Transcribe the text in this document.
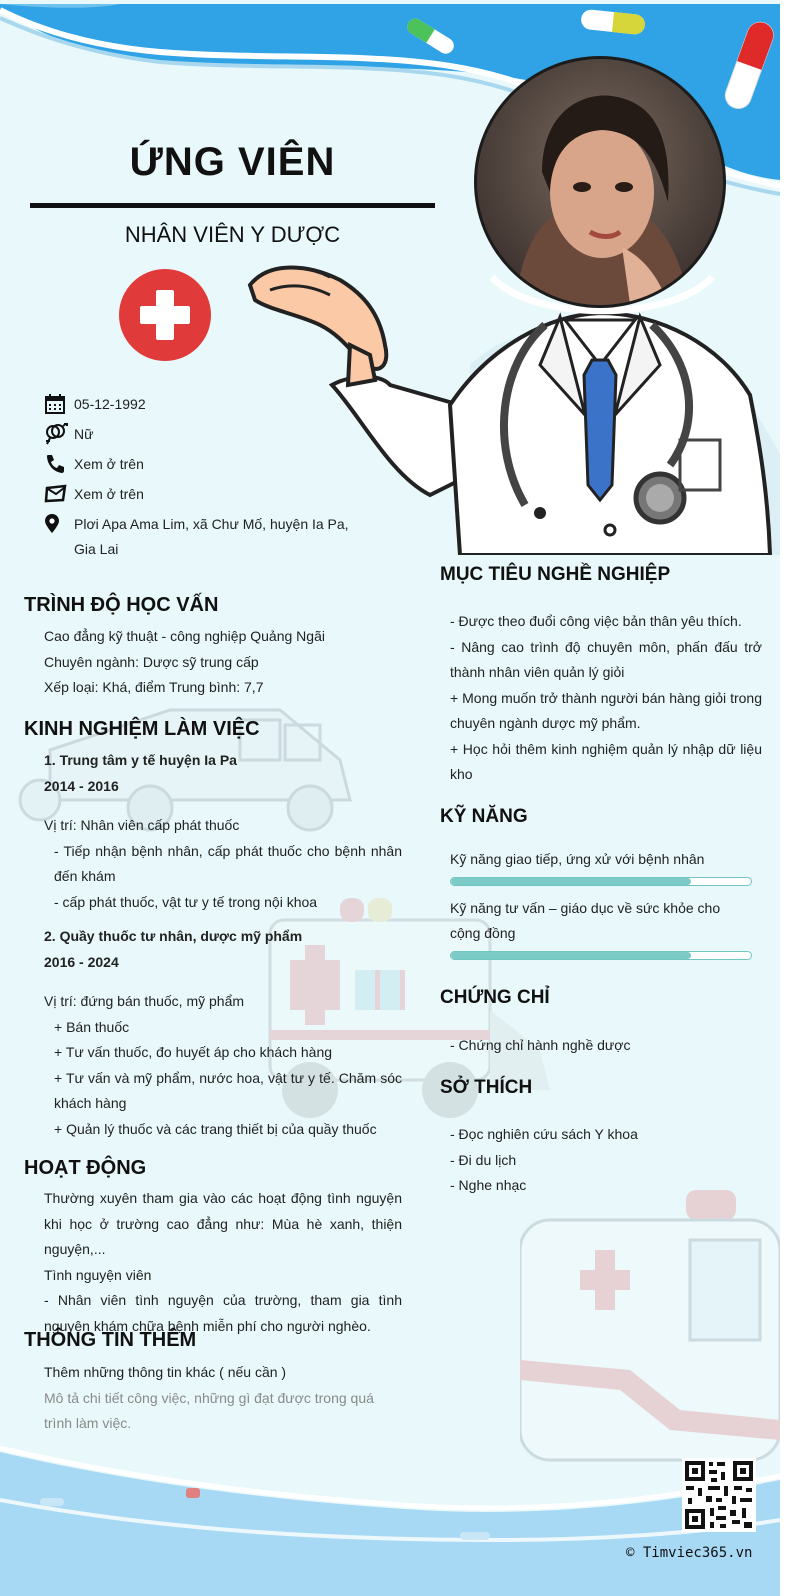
ỨNG VIÊN
NHÂN VIÊN Y DƯỢC
05-12-1992
Nữ
Xem ở trên
Xem ở trên
Plơi Apa Ama Lim, xã Chư Mố, huyện Ia Pa, Gia Lai
TRÌNH ĐỘ HỌC VẤN

Cao đẳng kỹ thuật - công nghiệp Quảng Ngãi

Chuyên ngành: Dược sỹ trung cấp

Xếp loại: Khá, điểm Trung bình: 7,7

KINH NGHIỆM LÀM VIỆC

1. Trung tâm y tế huyện Ia Pa

2014 - 2016

Vị trí: Nhân viên cấp phát thuốc

- Tiếp nhận bệnh nhân, cấp phát thuốc cho bệnh nhân đến khám

- cấp phát thuốc, vật tư y tế trong nội khoa

2. Quầy thuốc tư nhân, dược mỹ phẩm

2016 - 2024

Vị trí: đứng bán thuốc, mỹ phẩm

+ Bán thuốc

+ Tư vấn thuốc, đo huyết áp cho khách hàng

+ Tư vấn và mỹ phẩm, nước hoa, vật tư y tế. Chăm sóc khách hàng

+ Quản lý thuốc và các trang thiết bị của quầy thuốc

HOẠT ĐỘNG

Thường xuyên tham gia vào các hoạt động tình nguyện khi học ở trường cao đẳng như: Mùa hè xanh, thiện nguyện,...

Tình nguyện viên

- Nhân viên tình nguyện của trường, tham gia tình nguyện khám chữa bệnh miễn phí cho người nghèo.

THÔNG TIN THÊM

Thêm những thông tin khác ( nếu cần )

Mô tả chi tiết công việc, những gì đạt được trong quá trình làm việc.

MỤC TIÊU NGHỀ NGHIỆP

- Được theo đuổi công việc bản thân yêu thích.

- Nâng cao trình độ chuyên môn, phấn đấu trở thành nhân viên quản lý giỏi

+ Mong muốn trở thành người bán hàng giỏi trong chuyên ngành dược mỹ phẩm.

+ Học hỏi thêm kinh nghiệm quản lý nhập dữ liệu kho

KỸ NĂNG

Kỹ năng giao tiếp, ứng xử với bệnh nhân

Kỹ năng tư vấn – giáo dục về sức khỏe cho cộng đồng

CHỨNG CHỈ

- Chứng chỉ hành nghề dược

SỞ THÍCH

- Đọc nghiên cứu sách Y khoa

- Đi du lịch

- Nghe nhạc

© Timviec365.vn
